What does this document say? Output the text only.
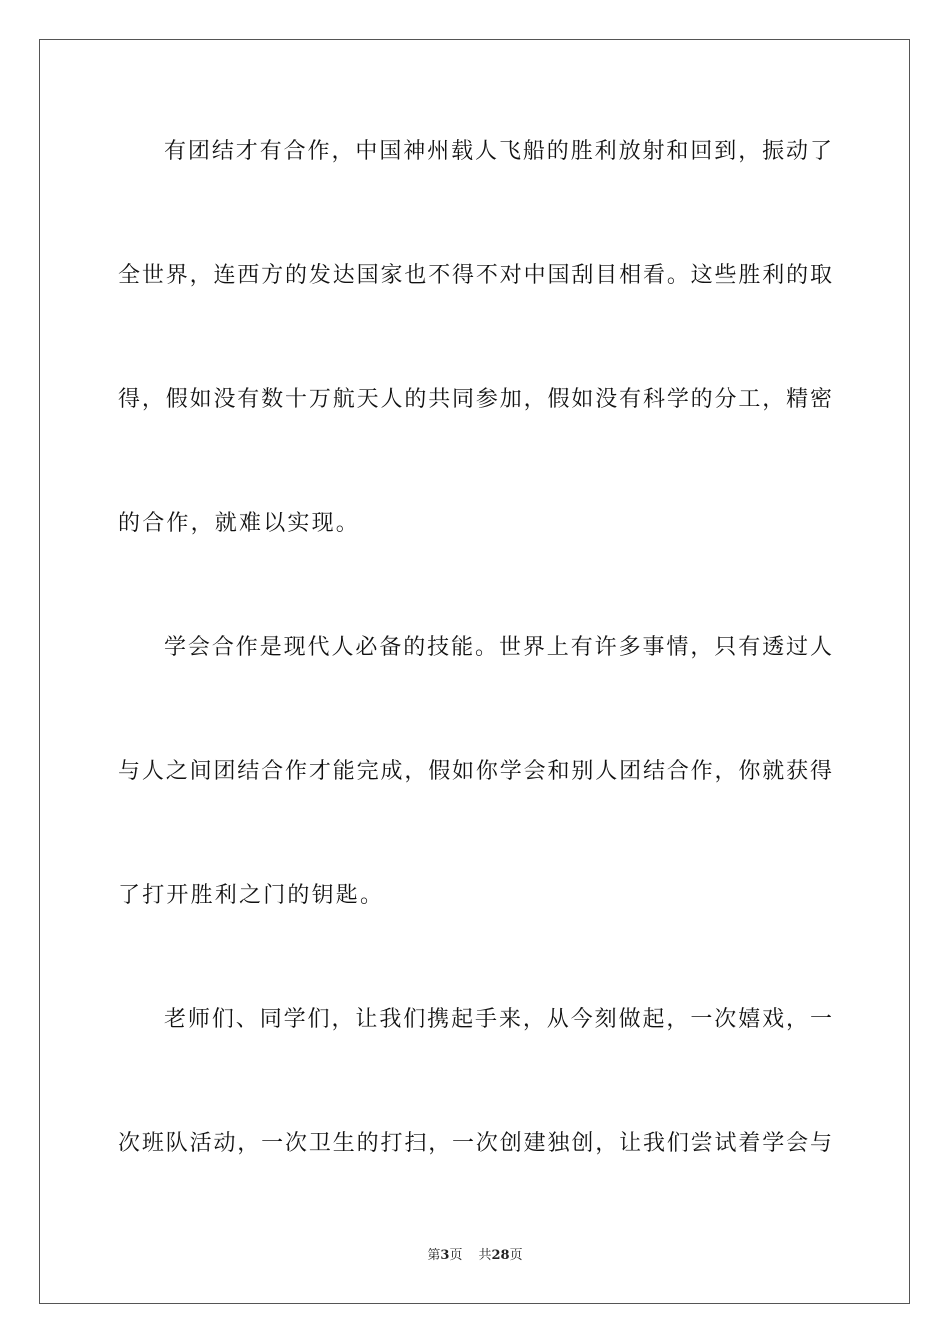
有团结才有合作，中国神州载人飞船的胜利放射和回到，振动了
全世界，连西方的发达国家也不得不对中国刮目相看。这些胜利的取
得，假如没有数十万航天人的共同参加，假如没有科学的分工，精密
的合作，就难以实现。
学会合作是现代人必备的技能。世界上有许多事情，只有透过人
与人之间团结合作才能完成，假如你学会和别人团结合作，你就获得
了打开胜利之门的钥匙。
老师们、同学们，让我们携起手来，从今刻做起，一次嬉戏，一
次班队活动，一次卫生的打扫，一次创建独创，让我们尝试着学会与
第3页 共28页
